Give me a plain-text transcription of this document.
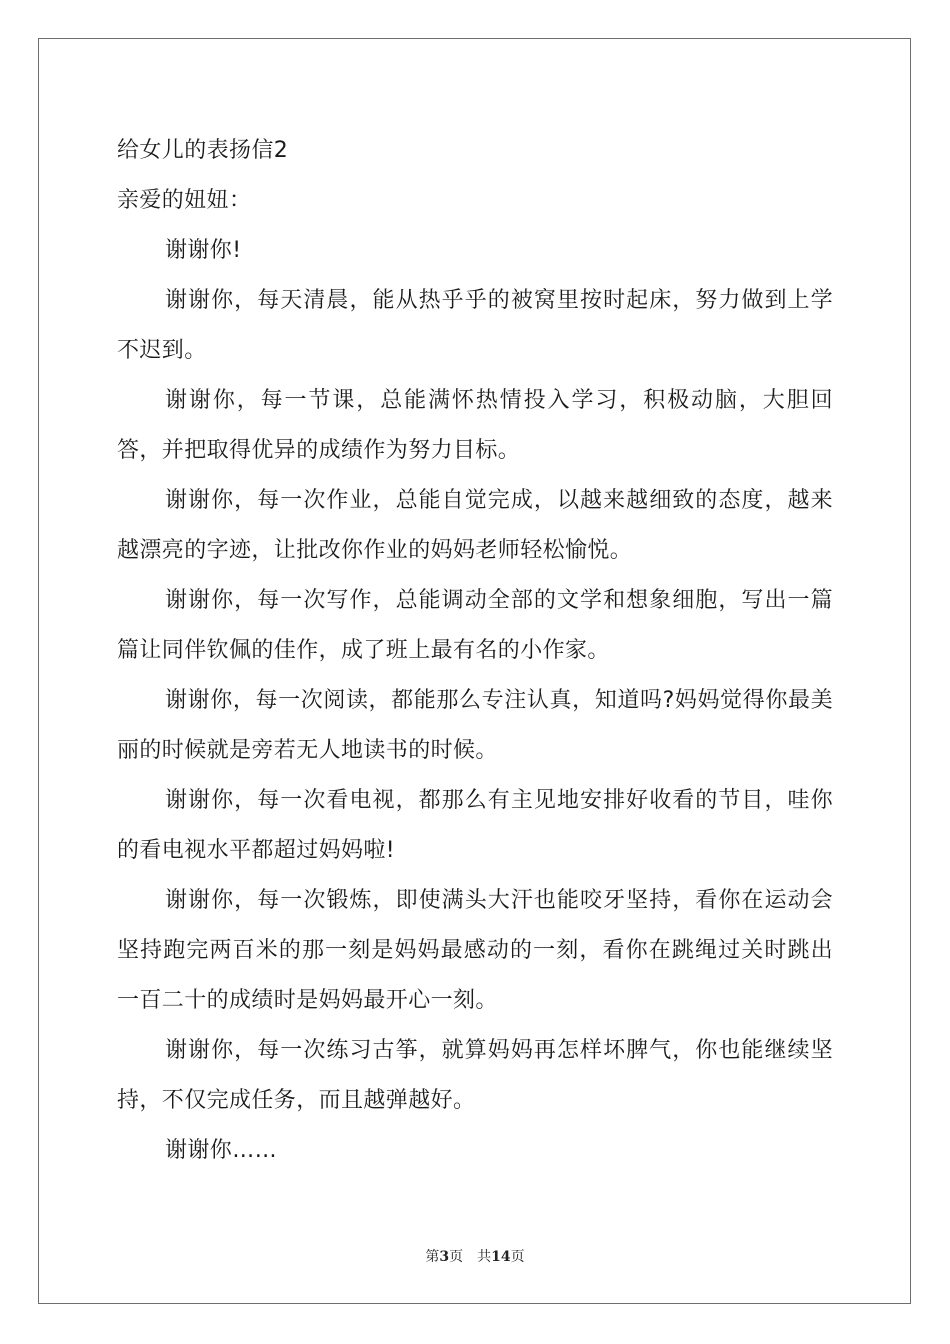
给女儿的表扬信2
亲爱的妞妞：

谢谢你!

谢谢你，每天清晨，能从热乎乎的被窝里按时起床，努力做到上学不迟到。

谢谢你，每一节课，总能满怀热情投入学习，积极动脑，大胆回答，并把取得优异的成绩作为努力目标。

谢谢你，每一次作业，总能自觉完成，以越来越细致的态度，越来越漂亮的字迹，让批改你作业的妈妈老师轻松愉悦。

谢谢你，每一次写作，总能调动全部的文学和想象细胞，写出一篇篇让同伴钦佩的佳作，成了班上最有名的小作家。

谢谢你，每一次阅读，都能那么专注认真，知道吗?妈妈觉得你最美丽的时候就是旁若无人地读书的时候。

谢谢你，每一次看电视，都那么有主见地安排好收看的节目，哇你的看电视水平都超过妈妈啦!

谢谢你，每一次锻炼，即使满头大汗也能咬牙坚持，看你在运动会坚持跑完两百米的那一刻是妈妈最感动的一刻，看你在跳绳过关时跳出一百二十的成绩时是妈妈最开心一刻。

谢谢你，每一次练习古筝，就算妈妈再怎样坏脾气，你也能继续坚持，不仅完成任务，而且越弹越好。

谢谢你……

第3页 共14页
